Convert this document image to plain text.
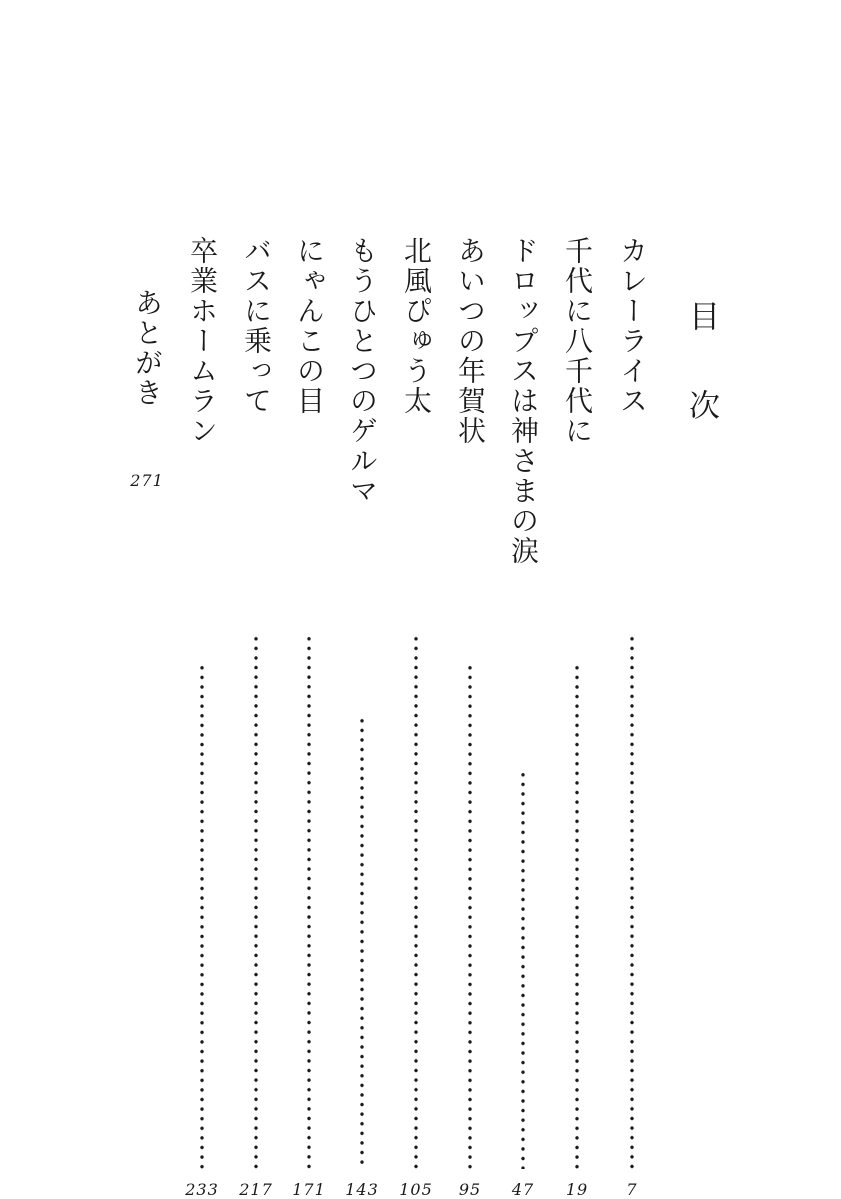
目次
カレーライス
7
千代に八千代に
19
ドロップスは神さまの涙
47
あいつの年賀状
95
北風ぴゅう太
105
もうひとつのゲルマ
143
にゃんこの目
171
バスに乗って
217
卒業ホームラン
233
あとがき
271
